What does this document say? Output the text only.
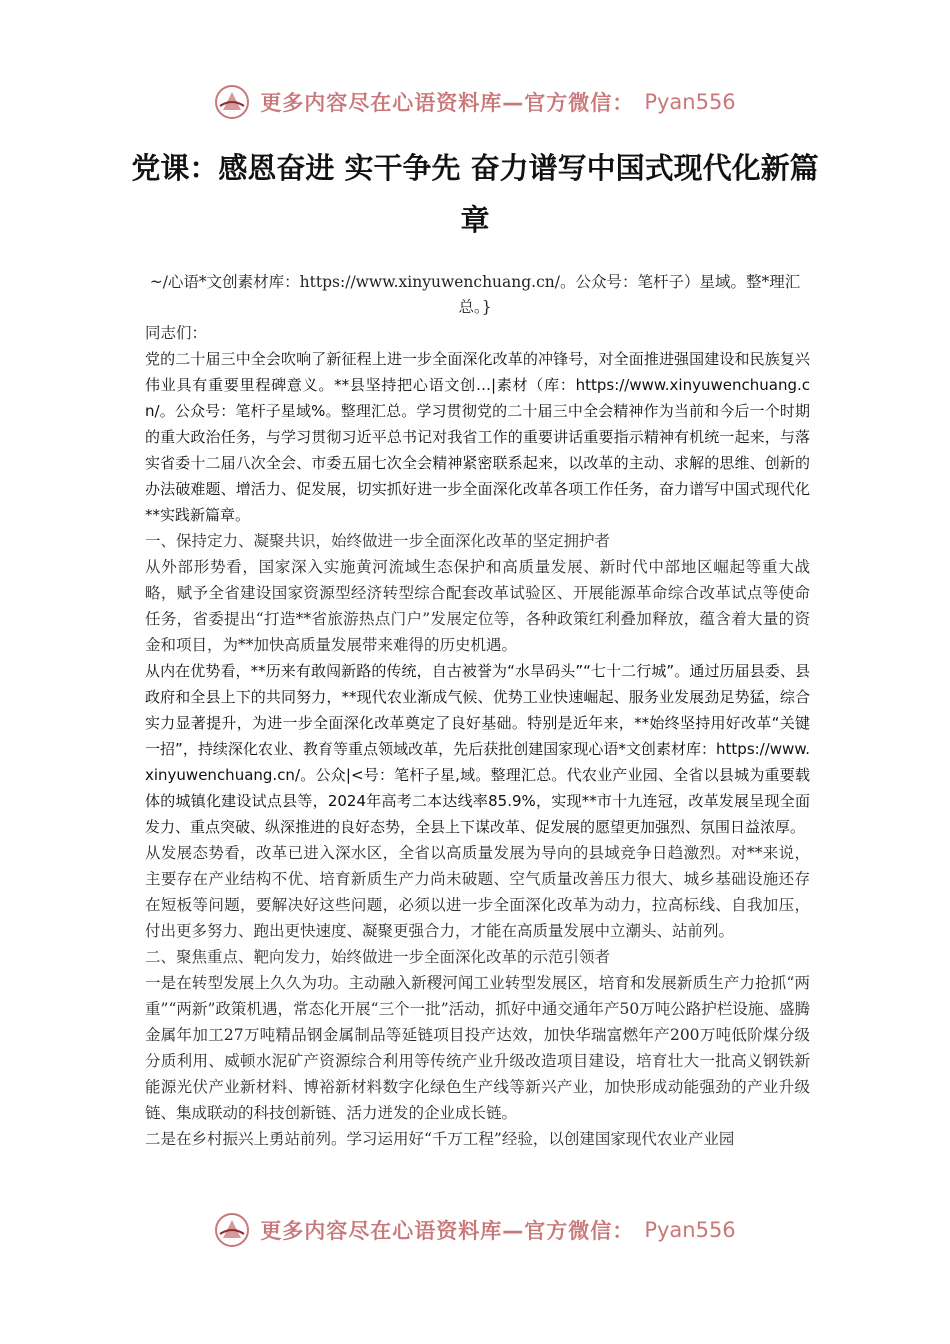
更多内容尽在心语资料库—官方微信： Pyan556
党课：感恩奋进 实干争先 奋力谱写中国式现代化新篇章
~/心语*文创素材库：https://www.xinyuwenchuang.cn/。公众号：笔杆子）星域。整*理汇总。}

同志们：

党的二十届三中全会吹响了新征程上进一步全面深化改革的冲锋号，对全面推进强国建设和民族复兴伟业具有重要里程碑意义。**县坚持把心语文创…|素材（库：https://www.xinyuwenchuang.cn/。公众号：笔杆子星域%。整理汇总。学习贯彻党的二十届三中全会精神作为当前和今后一个时期的重大政治任务，与学习贯彻习近平总书记对我省工作的重要讲话重要指示精神有机统一起来，与落实省委十二届八次全会、市委五届七次全会精神紧密联系起来，以改革的主动、求解的思维、创新的办法破难题、增活力、促发展，切实抓好进一步全面深化改革各项工作任务，奋力谱写中国式现代化**实践新篇章。

一、保持定力、凝聚共识，始终做进一步全面深化改革的坚定拥护者

从外部形势看，国家深入实施黄河流域生态保护和高质量发展、新时代中部地区崛起等重大战略，赋予全省建设国家资源型经济转型综合配套改革试验区、开展能源革命综合改革试点等使命任务，省委提出“打造**省旅游热点门户”发展定位等，各种政策红利叠加释放，蕴含着大量的资金和项目，为**加快高质量发展带来难得的历史机遇。

从内在优势看，**历来有敢闯新路的传统，自古被誉为“水旱码头”“七十二行城”。通过历届县委、县政府和全县上下的共同努力，**现代农业渐成气候、优势工业快速崛起、服务业发展劲足势猛，综合实力显著提升，为进一步全面深化改革奠定了良好基础。特别是近年来，**始终坚持用好改革“关键一招”，持续深化农业、教育等重点领域改革，先后获批创建国家现心语*文创素材库：https://www.xinyuwenchuang.cn/。公众|<号：笔杆子星,域。整理汇总。代农业产业园、全省以县城为重要载体的城镇化建设试点县等，2024年高考二本达线率85.9%，实现**市十九连冠，改革发展呈现全面发力、重点突破、纵深推进的良好态势，全县上下谋改革、促发展的愿望更加强烈、氛围日益浓厚。

从发展态势看，改革已进入深水区，全省以高质量发展为导向的县域竞争日趋激烈。对**来说，主要存在产业结构不优、培育新质生产力尚未破题、空气质量改善压力很大、城乡基础设施还存在短板等问题，要解决好这些问题，必须以进一步全面深化改革为动力，拉高标线、自我加压，付出更多努力、跑出更快速度、凝聚更强合力，才能在高质量发展中立潮头、站前列。

二、聚焦重点、靶向发力，始终做进一步全面深化改革的示范引领者

一是在转型发展上久久为功。主动融入新稷河闻工业转型发展区，培育和发展新质生产力抢抓“两重”“两新”政策机遇，常态化开展“三个一批”活动，抓好中通交通年产50万吨公路护栏设施、盛腾金属年加工27万吨精品钢金属制品等延链项目投产达效，加快华瑞富燃年产200万吨低阶煤分级分质利用、威顿水泥矿产资源综合利用等传统产业升级改造项目建设，培育壮大一批高义钢铁新能源光伏产业新材料、博裕新材料数字化绿色生产线等新兴产业，加快形成动能强劲的产业升级链、集成联动的科技创新链、活力迸发的企业成长链。

二是在乡村振兴上勇站前列。学习运用好“千万工程”经验，以创建国家现代农业产业园

更多内容尽在心语资料库—官方微信： Pyan556
